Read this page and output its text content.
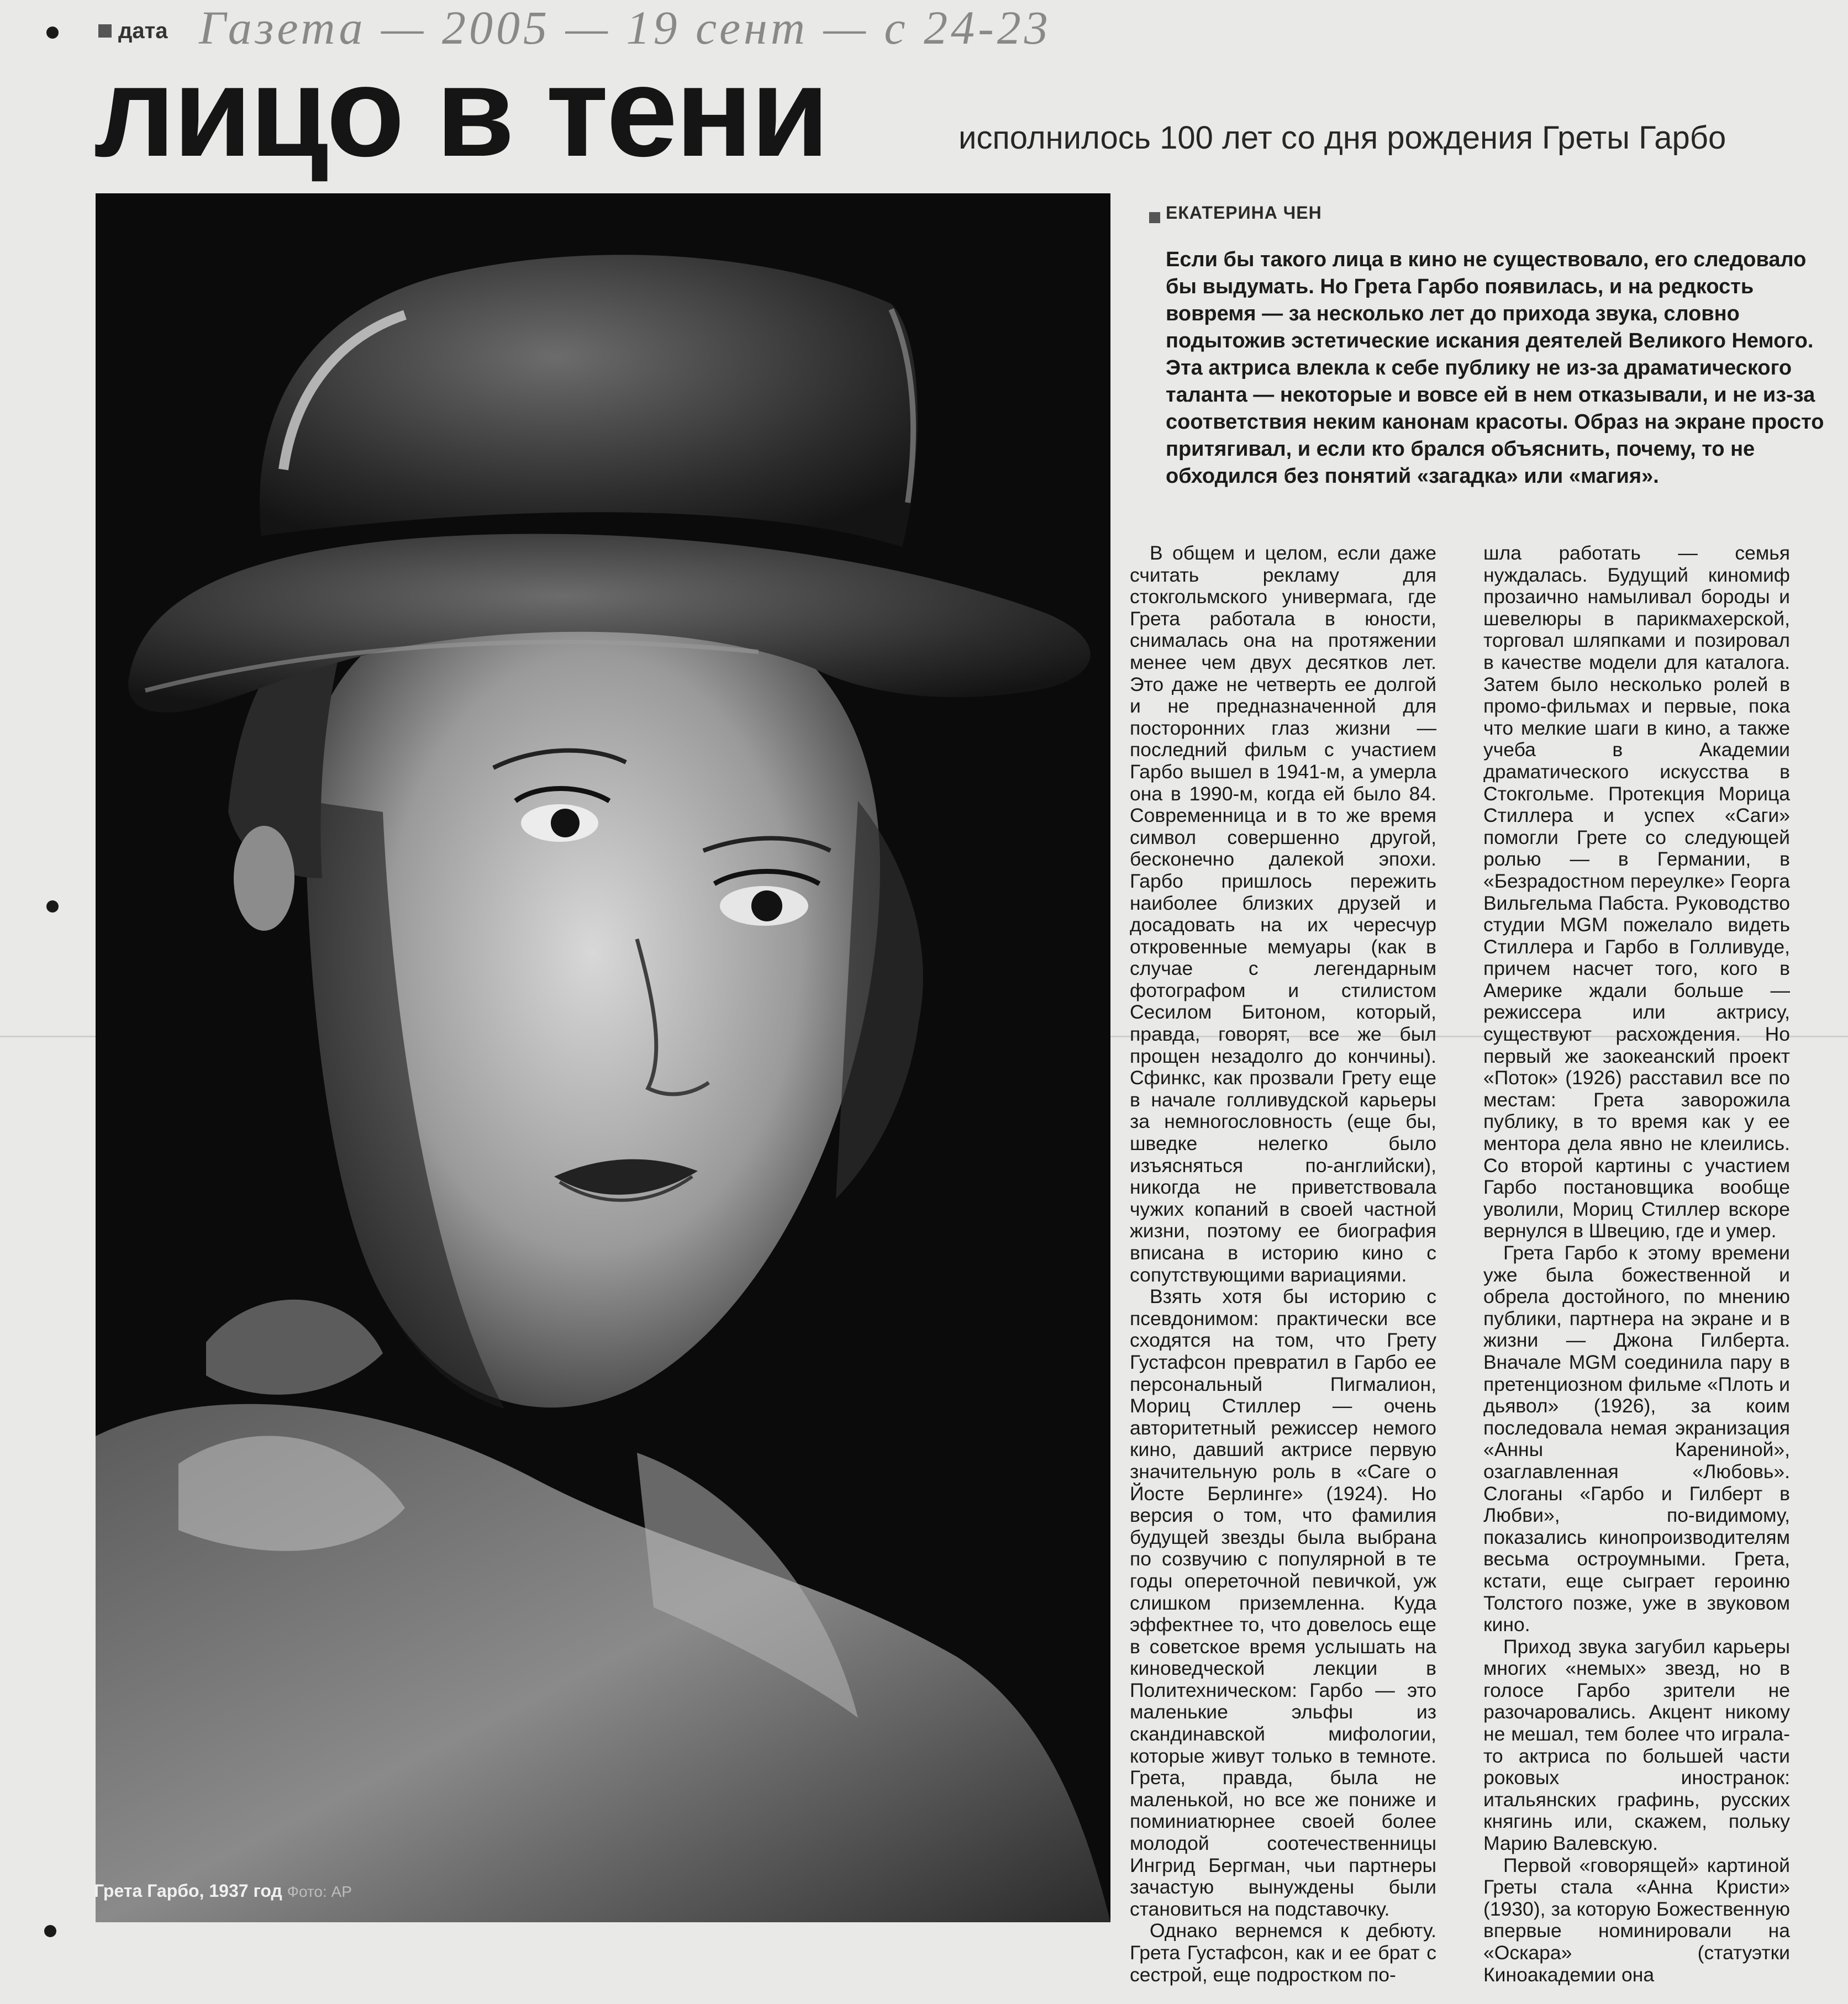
дата Газета — 2005 — 19 сент — с 24-23
лицо в тени	исполнилось 100 лет со дня рождения Греты Гарбо
Грета Гарбо, 1937 год Фото: АР
ЕКАТЕРИНА ЧЕН
Если бы такого лица в кино не существовало, его следовало бы выдумать. Но Грета Гарбо появилась, и на редкость вовремя — за несколько лет до прихода звука, словно подытожив эстетические искания деятелей Великого Немого. Эта актриса влекла к себе публику не из-за драматического таланта — некоторые и вовсе ей в нем отказывали, и не из-за соответствия неким канонам красоты. Образ на экране просто притягивал, и если кто брался объяснить, почему, то не обходился без понятий «загадка» или «магия».

В общем и целом, если даже считать рекламу для стокгольмского универмага, где Грета работала в юности, снималась она на протяжении менее чем двух десятков лет. Это даже не четверть ее долгой и не предназначенной для посторонних глаз жизни — последний фильм с участием Гарбо вышел в 1941-м, а умерла она в 1990-м, когда ей было 84. Современница и в то же время символ совершенно другой, бесконечно далекой эпохи. Гарбо пришлось пережить наиболее близких друзей и досадовать на их чересчур откровенные мемуары (как в случае с легендарным фотографом и стилистом Сесилом Битоном, который, правда, говорят, все же был прощен незадолго до кончины). Сфинкс, как прозвали Грету еще в начале голливудской карьеры за немногословность (еще бы, шведке нелегко было изъясняться по-английски), никогда не приветствовала чужих копаний в своей частной жизни, поэтому ее биография вписана в историю кино с сопутствующими вариациями.

Взять хотя бы историю с псевдонимом: практически все сходятся на том, что Грету Густафсон превратил в Гарбо ее персональный Пигмалион, Мориц Стиллер — очень авторитетный режиссер немого кино, давший актрисе первую значительную роль в «Саге о Йосте Берлинге» (1924). Но версия о том, что фамилия будущей звезды была выбрана по созвучию с популярной в те годы опереточной певичкой, уж слишком приземленна. Куда эффектнее то, что довелось еще в советское время услышать на киноведческой лекции в Политехническом: Гарбо — это маленькие эльфы из скандинавской мифологии, которые живут только в темноте. Грета, правда, была не маленькой, но все же пониже и поминиатюрнее своей более молодой соотечественницы Ингрид Бергман, чьи партнеры зачастую вынуждены были становиться на подставочку.

Однако вернемся к дебюту. Грета Густафсон, как и ее брат с сестрой, еще подростком по-

шла работать — семья нуждалась. Будущий киномиф прозаично намыливал бороды и шевелюры в парикмахерской, торговал шляпками и позировал в качестве модели для каталога. Затем было несколько ролей в промо-фильмах и первые, пока что мелкие шаги в кино, а также учеба в Академии драматического искусства в Стокгольме. Протекция Морица Стиллера и успех «Саги» помогли Грете со следующей ролью — в Германии, в «Безрадостном переулке» Георга Вильгельма Пабста. Руководство студии MGM пожелало видеть Стиллера и Гарбо в Голливуде, причем насчет того, кого в Америке ждали больше — режиссера или актрису, существуют расхождения. Но первый же заокеанский проект «Поток» (1926) расставил все по местам: Грета заворожила публику, в то время как у ее ментора дела явно не клеились. Со второй картины с участием Гарбо постановщика вообще уволили, Мориц Стиллер вскоре вернулся в Швецию, где и умер.

Грета Гарбо к этому времени уже была божественной и обрела достойного, по мнению публики, партнера на экране и в жизни — Джона Гилберта. Вначале MGM соединила пару в претенциозном фильме «Плоть и дьявол» (1926), за коим последовала немая экранизация «Анны Карениной», озаглавленная «Любовь». Слоганы «Гарбо и Гилберт в Любви», по-видимому, показались кинопроизводителям весьма остроумными. Грета, кстати, еще сыграет героиню Толстого позже, уже в звуковом кино.

Приход звука загубил карьеры многих «немых» звезд, но в голосе Гарбо зрители не разочаровались. Акцент никому не мешал, тем более что играла-то актриса по большей части роковых иностранок: итальянских графинь, русских княгинь или, скажем, польку Марию Валевскую.

Первой «говорящей» картиной Греты стала «Анна Кристи» (1930), за которую Божественную впервые номинировали на «Оскара» (статуэтки Киноакадемии она
